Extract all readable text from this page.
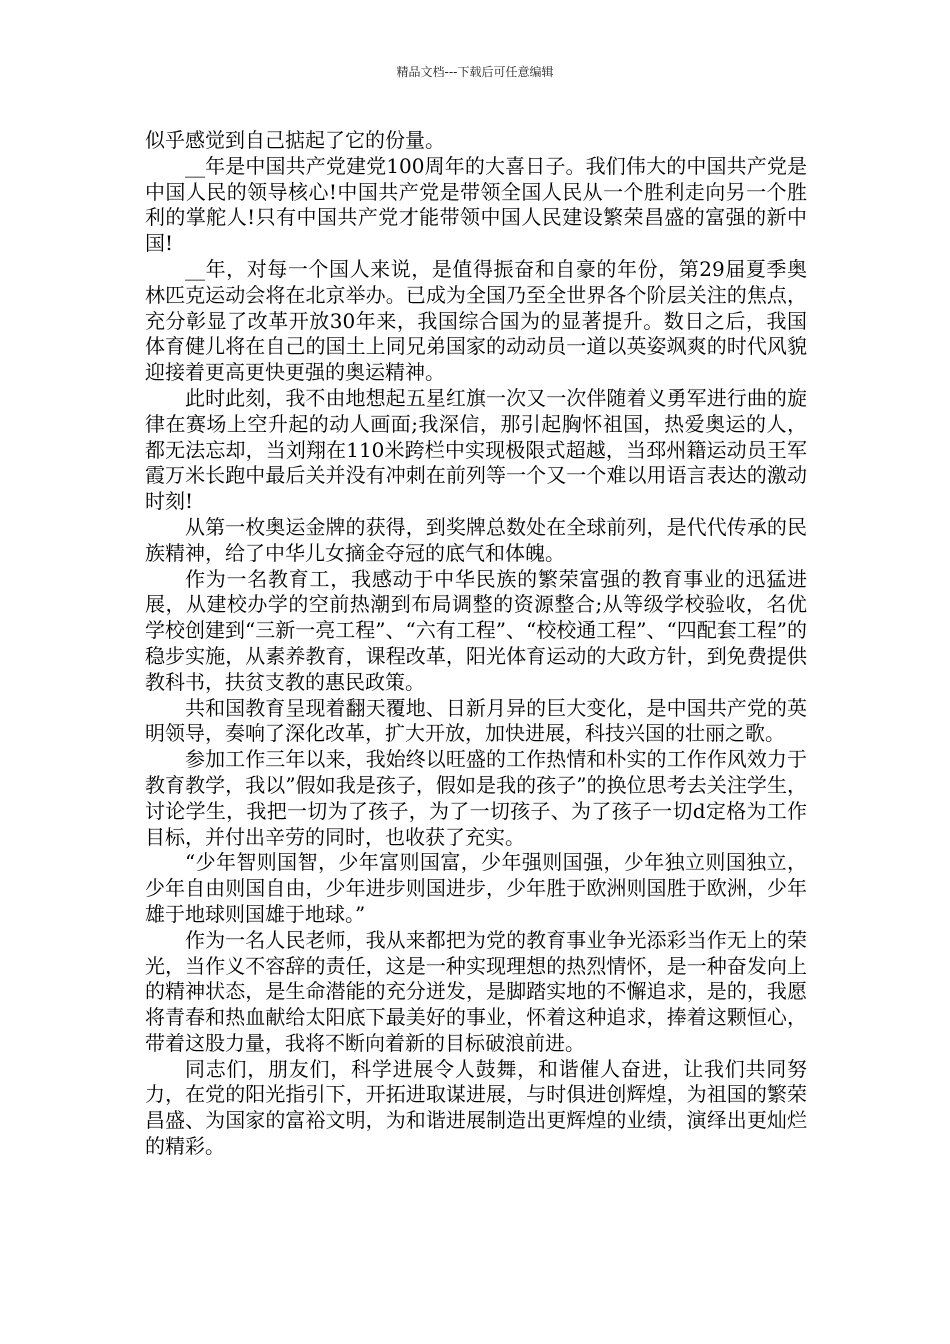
精品文档---下载后可任意编辑

似乎感觉到自己掂起了它的份量。

__年是中国共产党建党100周年的大喜日子。我们伟大的中国共产党是中国人民的领导核心!中国共产党是带领全国人民从一个胜利走向另一个胜利的掌舵人!只有中国共产党才能带领中国人民建设繁荣昌盛的富强的新中国!

__年，对每一个国人来说，是值得振奋和自豪的年份，第29届夏季奥林匹克运动会将在北京举办。已成为全国乃至全世界各个阶层关注的焦点，充分彰显了改革开放30年来，我国综合国为的显著提升。数日之后，我国体育健儿将在自己的国土上同兄弟国家的动动员一道以英姿飒爽的时代风貌迎接着更高更快更强的奥运精神。

此时此刻，我不由地想起五星红旗一次又一次伴随着义勇军进行曲的旋律在赛场上空升起的动人画面;我深信，那引起胸怀祖国，热爱奥运的人，都无法忘却，当刘翔在110米跨栏中实现极限式超越，当邳州籍运动员王军霞万米长跑中最后关并没有冲刺在前列等一个又一个难以用语言表达的激动时刻!

从第一枚奥运金牌的获得，到奖牌总数处在全球前列，是代代传承的民族精神，给了中华儿女摘金夺冠的底气和体魄。

作为一名教育工，我感动于中华民族的繁荣富强的教育事业的迅猛进展，从建校办学的空前热潮到布局调整的资源整合;从等级学校验收，名优学校创建到“三新一亮工程”、“六有工程”、“校校通工程”、“四配套工程”的稳步实施，从素养教育，课程改革，阳光体育运动的大政方针，到免费提供教科书，扶贫支教的惠民政策。

共和国教育呈现着翻天覆地、日新月异的巨大变化，是中国共产党的英明领导，奏响了深化改革，扩大开放，加快进展，科技兴国的壮丽之歌。

参加工作三年以来，我始终以旺盛的工作热情和朴实的工作作风效力于教育教学，我以”假如我是孩子，假如是我的孩子”的换位思考去关注学生，讨论学生，我把一切为了孩子，为了一切孩子、为了孩子一切d定格为工作目标，并付出辛劳的同时，也收获了充实。

“少年智则国智，少年富则国富，少年强则国强，少年独立则国独立，少年自由则国自由，少年进步则国进步，少年胜于欧洲则国胜于欧洲，少年雄于地球则国雄于地球。”

作为一名人民老师，我从来都把为党的教育事业争光添彩当作无上的荣光，当作义不容辞的责任，这是一种实现理想的热烈情怀，是一种奋发向上的精神状态，是生命潜能的充分迸发，是脚踏实地的不懈追求，是的，我愿将青春和热血献给太阳底下最美好的事业，怀着这种追求，捧着这颗恒心，带着这股力量，我将不断向着新的目标破浪前进。

同志们，朋友们，科学进展令人鼓舞，和谐催人奋进，让我们共同努力，在党的阳光指引下，开拓进取谋进展，与时俱进创辉煌，为祖国的繁荣昌盛、为国家的富裕文明，为和谐进展制造出更辉煌的业绩，演绎出更灿烂的精彩。
